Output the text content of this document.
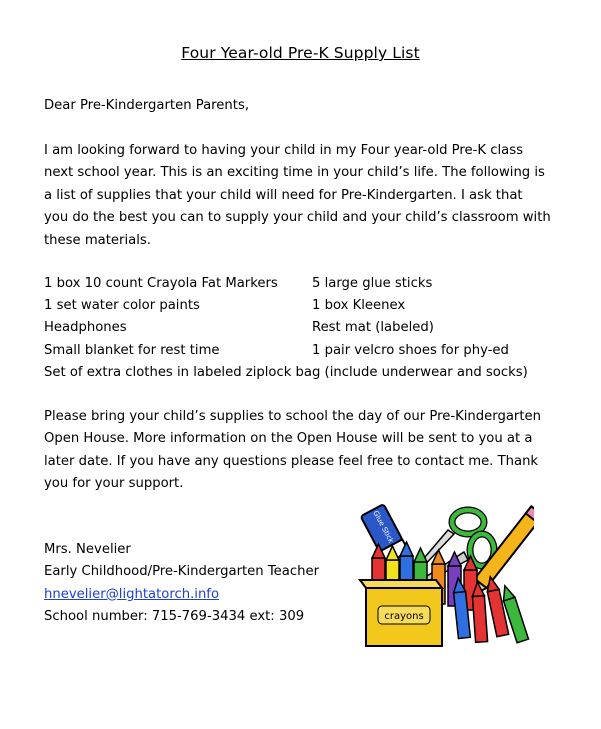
Four Year-old Pre-K Supply List
Dear Pre-Kindergarten Parents,
I am looking forward to having your child in my Four year-old Pre-K class
next school year. This is an exciting time in your child’s life. The following is
a list of supplies that your child will need for Pre-Kindergarten. I ask that
you do the best you can to supply your child and your child’s classroom with
these materials.
1 box 10 count Crayola Fat Markers	5 large glue sticks
1 set water color paints	1 box Kleenex
Headphones	Rest mat (labeled)
Small blanket for rest time	1 pair velcro shoes for phy-ed
Set of extra clothes in labeled ziplock bag (include underwear and socks)
Please bring your child’s supplies to school the day of our Pre-Kindergarten
Open House. More information on the Open House will be sent to you at a
later date. If you have any questions please feel free to contact me. Thank
you for your support.
Mrs. Nevelier
Early Childhood/Pre-Kindergarten Teacher
hnevelier@lightatorch.info
School number: 715-769-3434 ext: 309
Glue Stick
crayons
